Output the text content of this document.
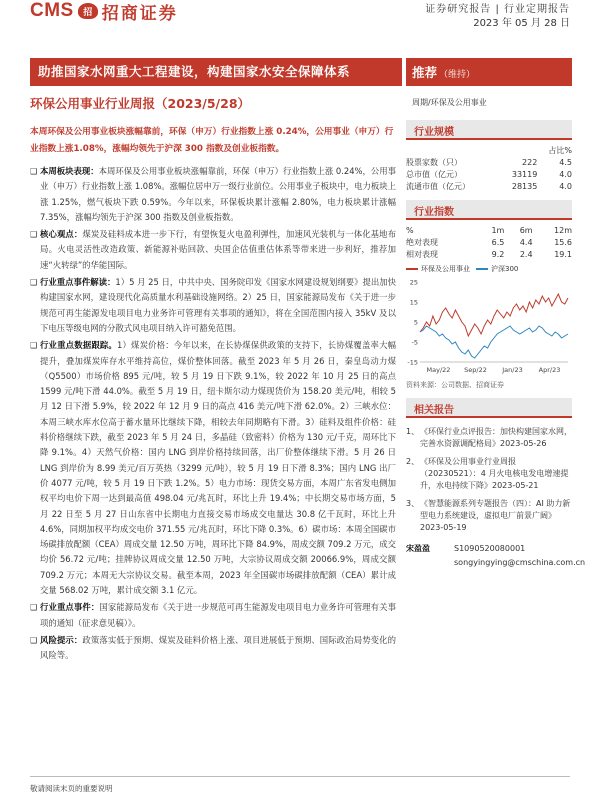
CMS	招 招商证券	证券研究报告 | 行业定期报告
2023 年 05 月 28 日
助推国家水网重大工程建设，构建国家水安全保障体系	推荐 （维持）
环保公用事业行业周报（2023/5/28）	周期/环保及公用事业
本周环保及公用事业板块涨幅靠前，环保（申万）行业指数上涨 0.24%，公用事业（申万）行业指数上涨1.08%，涨幅均领先于沪深 300 指数及创业板指数。
❑ 本周板块表现：本周环保及公用事业板块涨幅靠前，环保（申万）行业指数上涨 0.24%，公用事业（申万）行业指数上涨 1.08%。涨幅位居申万一级行业前位。公用事业子板块中，电力板块上涨 1.25%，燃气板块下跌 0.59%。今年以来，环保板块累计涨幅 2.80%，电力板块累计涨幅 7.35%，涨幅均领先于沪深 300 指数及创业板指数。
❑ 核心观点：煤炭及硅料成本进一步下行，有望恢复火电盈利弹性，加速风光装机与一体化基地布局。火电灵活性改造政策、新能源补贴回款、央国企估值重估体系等带来进一步利好，推荐加速“火转绿”的华能国际。
❑ 行业重点事件解读：1）5 月 25 日，中共中央、国务院印发《国家水网建设规划纲要》提出加快构建国家水网，建设现代化高质量水利基础设施网络。2）25 日，国家能源局发布《关于进一步规范可再生能源发电项目电力业务许可管理有关事项的通知》，将在全国范围内接入 35kV 及以下电压等级电网的分散式风电项目纳入许可豁免范围。
❑ 行业重点数据跟踪。1）煤炭价格：今年以来，在长协煤保供政策的支持下，长协煤覆盖率大幅提升，叠加煤炭库存水平维持高位，煤价整体回落。截至 2023 年 5 月 26 日，秦皇岛动力煤（Q5500）市场价格 895 元/吨，较 5 月 19 日下跌 9.1%，较 2022 年 10 月 25 日的高点 1599 元/吨下滑 44.0%。截至 5 月 19 日，纽卡斯尔动力煤现货价为 158.20 美元/吨，相较 5 月 12 日下滑 5.9%，较 2022 年 12 月 9 日的高点 416 美元/吨下滑 62.0%。2）三峡水位：本周三峡水库水位高于蓄水量环比继续下降，相较去年同期略有下滑。3）硅料及组件价格：硅料价格继续下跌，截至 2023 年 5 月 24 日，多晶硅（致密料）价格为 130 元/千克，周环比下降 9.1%。4）天然气价格：国内 LNG 到岸价格持续回落，出厂价整体继续下滑。5 月 26 日 LNG 到岸价为 8.99 美元/百万英热（3299 元/吨），较 5 月 19 日下滑 8.3%；国内 LNG 出厂价 4077 元/吨，较 5 月 19 日下跌 1.2%。5）电力市场：现货交易方面，本周广东省发电侧加权平均电价下周一达到最高值 498.04 元/兆瓦时，环比上升 19.4%；中长期交易市场方面，5 月 22 日至 5 月 27 日山东省中长期电力直接交易市场成交电量达 30.8 亿千瓦时，环比上升 4.6%，同期加权平均成交电价 371.55 元/兆瓦时，环比下降 0.3%。6）碳市场：本周全国碳市场碳排放配额（CEA）周成交量 12.50 万吨，周环比下降 84.9%，周成交额 709.2 万元，成交均价 56.72 元/吨；挂牌协议周成交量 12.50 万吨，大宗协议周成交额 20066.9%，周成交额 709.2 万元；本周无大宗协议交易。截至本周，2023 年全国碳市场碳排放配额（CEA）累计成交量 568.02 万吨，累计成交额 3.1 亿元。
❑ 行业重点事件：国家能源局发布《关于进一步规范可再生能源发电项目电力业务许可管理有关事项的通知（征求意见稿）》。
❑ 风险提示：政策落实低于预期、煤炭及硅料价格上涨、项目进展低于预期、国际政治局势变化的风险等。
行业规模
		占比%
股票家数（只）	222	4.5
总市值（亿元）	33119	4.0
流通市值（亿元）	28135	4.0
行业指数
%	1m	6m	12m
绝对表现	6.5	4.4	15.6
相对表现	9.2	2.4	19.1
环保及公用事业	沪深300
25
15
5
-5
-15
May/22 Sep/22 Jan/23 Apr/23
资料来源：公司数据、招商证券
相关报告
1、 《环保行业点评报告：加快构建国家水网，完善水资源调配格局》2023-05-26
2、 《环保及公用事业行业周报（20230521）：4 月火电核电发电增速提升，水电持续下降》2023-05-21
3、 《智慧能源系列专题报告（四）：AI 助力新型电力系统建设，虚拟电厂前景广阔》2023-05-19
宋盈盈	S1090520080001
songyingying@cmschina.com.cn
敬请阅读末页的重要说明
